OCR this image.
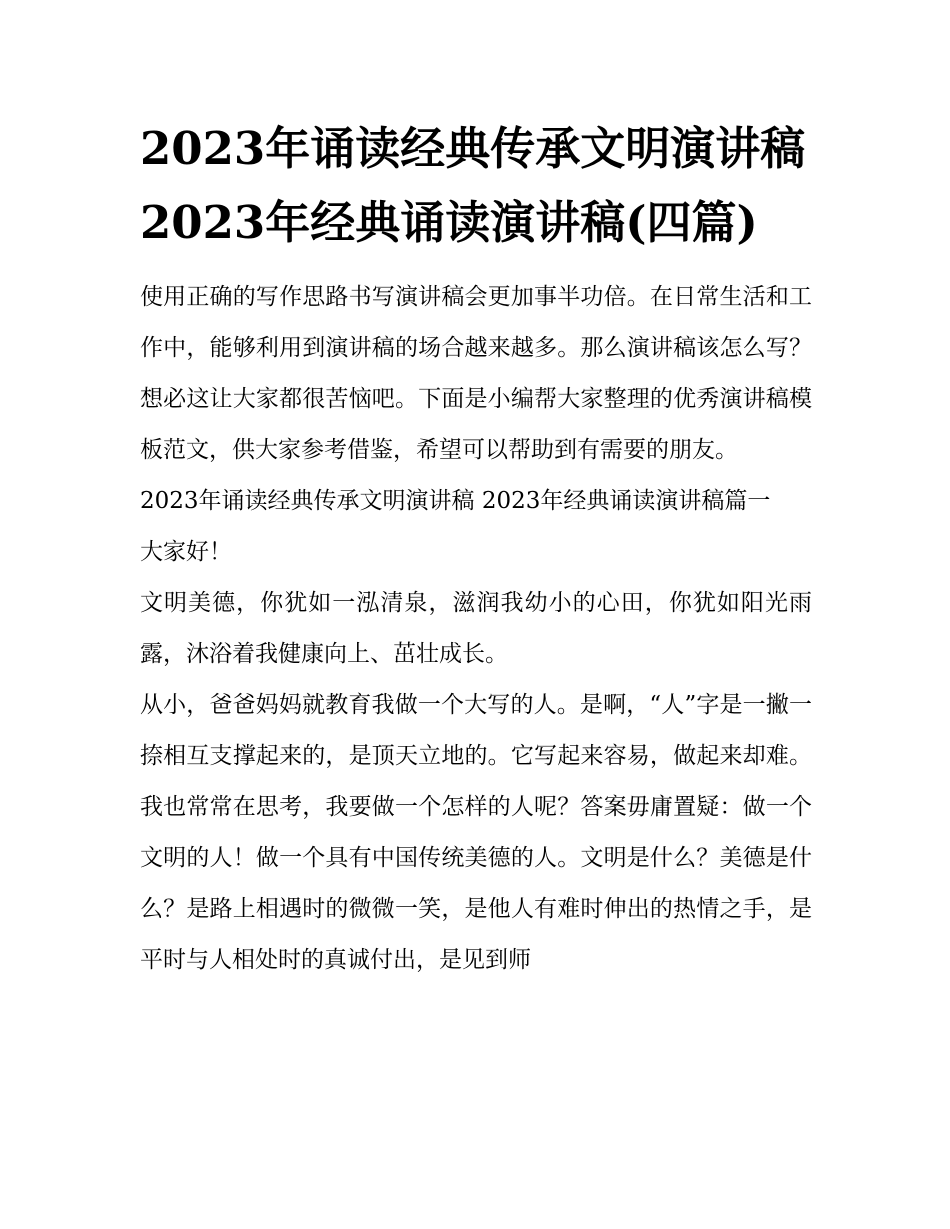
2023年诵读经典传承文明演讲稿 2023年经典诵读演讲稿(四篇)

使用正确的写作思路书写演讲稿会更加事半功倍。在日常生活和工作中，能够利用到演讲稿的场合越来越多。那么演讲稿该怎么写？想必这让大家都很苦恼吧。下面是小编帮大家整理的优秀演讲稿模板范文，供大家参考借鉴，希望可以帮助到有需要的朋友。

2023年诵读经典传承文明演讲稿 2023年经典诵读演讲稿篇一

大家好！

文明美德，你犹如一泓清泉，滋润我幼小的心田，你犹如阳光雨露，沐浴着我健康向上、茁壮成长。

从小，爸爸妈妈就教育我做一个大写的人。是啊，“人”字是一撇一捺相互支撑起来的，是顶天立地的。它写起来容易，做起来却难。我也常常在思考，我要做一个怎样的人呢？答案毋庸置疑：做一个文明的人！做一个具有中国传统美德的人。文明是什么？美德是什么？是路上相遇时的微微一笑，是他人有难时伸出的热情之手，是平时与人相处时的真诚付出，是见到师
